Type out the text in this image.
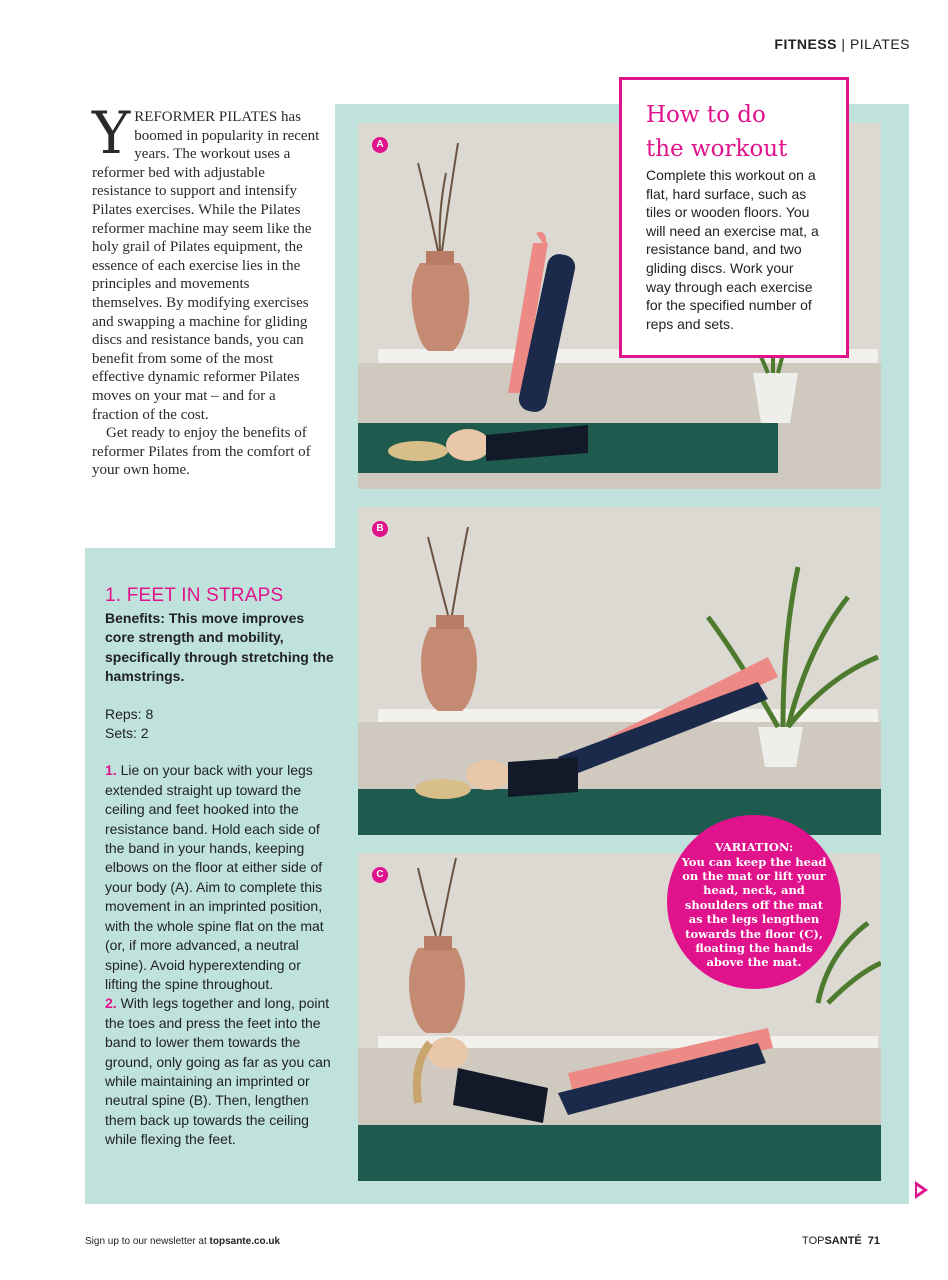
FITNESS | PILATES

YREFORMER PILATES has boomed in popularity in recent years. The workout uses a reformer bed with adjustable resistance to support and intensify Pilates exercises. While the Pilates reformer machine may seem like the holy grail of Pilates equipment, the essence of each exercise lies in the principles and movements themselves. By modifying exercises and swapping a machine for gliding discs and resistance bands, you can benefit from some of the most effective dynamic reformer Pilates moves on your mat – and for a fraction of the cost.

Get ready to enjoy the benefits of reformer Pilates from the comfort of your own home.

A
B
C
How to do
the workout

Complete this workout on a flat, hard surface, such as tiles or wooden floors. You will need an exercise mat, a resistance band, and two gliding discs. Work your way through each exercise for the specified number of reps and sets.

1. FEET IN STRAPS

Benefits: This move improves core strength and mobility, specifically through stretching the hamstrings.

Reps: 8
Sets: 2

1. Lie on your back with your legs extended straight up toward the ceiling and feet hooked into the resistance band. Hold each side of the band in your hands, keeping elbows on the floor at either side of your body (A). Aim to complete this movement in an imprinted position, with the whole spine flat on the mat (or, if more advanced, a neutral spine). Avoid hyperextending or lifting the spine throughout.

2. With legs together and long, point the toes and press the feet into the band to lower them towards the ground, only going as far as you can while maintaining an imprinted or neutral spine (B). Then, lengthen them back up towards the ceiling while flexing the feet.

VARIATION:
You can keep the head on the mat or lift your head, neck, and shoulders off the mat as the legs lengthen towards the floor (C), floating the hands above the mat.
Sign up to our newsletter at topsante.co.uk	TOPSANTÉ 71
